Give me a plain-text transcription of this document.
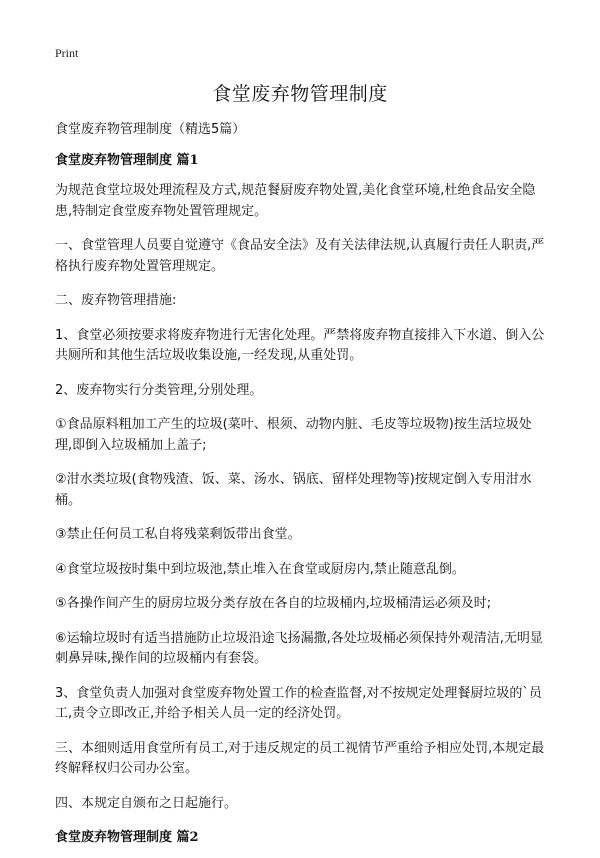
Print
食堂废弃物管理制度

食堂废弃物管理制度（精选5篇）

食堂废弃物管理制度 篇1

为规范食堂垃圾处理流程及方式,规范餐厨废弃物处置,美化食堂环境,杜绝食品安全隐患,特制定食堂废弃物处置管理规定。

一、食堂管理人员要自觉遵守《食品安全法》及有关法律法规,认真履行责任人职责,严格执行废弃物处置管理规定。

二、废弃物管理措施:

1、食堂必须按要求将废弃物进行无害化处理。严禁将废弃物直接排入下水道、倒入公共厕所和其他生活垃圾收集设施,一经发现,从重处罚。

2、废弃物实行分类管理,分别处理。

①食品原料粗加工产生的垃圾(菜叶、根须、动物内脏、毛皮等垃圾物)按生活垃圾处理,即倒入垃圾桶加上盖子;

②泔水类垃圾(食物残渣、饭、菜、汤水、锅底、留样处理物等)按规定倒入专用泔水桶。

③禁止任何员工私自将残菜剩饭带出食堂。

④食堂垃圾按时集中到垃圾池,禁止堆入在食堂或厨房内,禁止随意乱倒。

⑤各操作间产生的厨房垃圾分类存放在各自的垃圾桶内,垃圾桶清运必须及时;

⑥运输垃圾时有适当措施防止垃圾沿途飞扬漏撒,各处垃圾桶必须保持外观清洁,无明显刺鼻异味,操作间的垃圾桶内有套袋。

3、食堂负责人加强对食堂废弃物处置工作的检查监督,对不按规定处理餐厨垃圾的`员工,责令立即改正,并给予相关人员一定的经济处罚。

三、本细则适用食堂所有员工,对于违反规定的员工视情节严重给予相应处罚,本规定最终解释权归公司办公室。

四、本规定自颁布之日起施行。

食堂废弃物管理制度 篇2
